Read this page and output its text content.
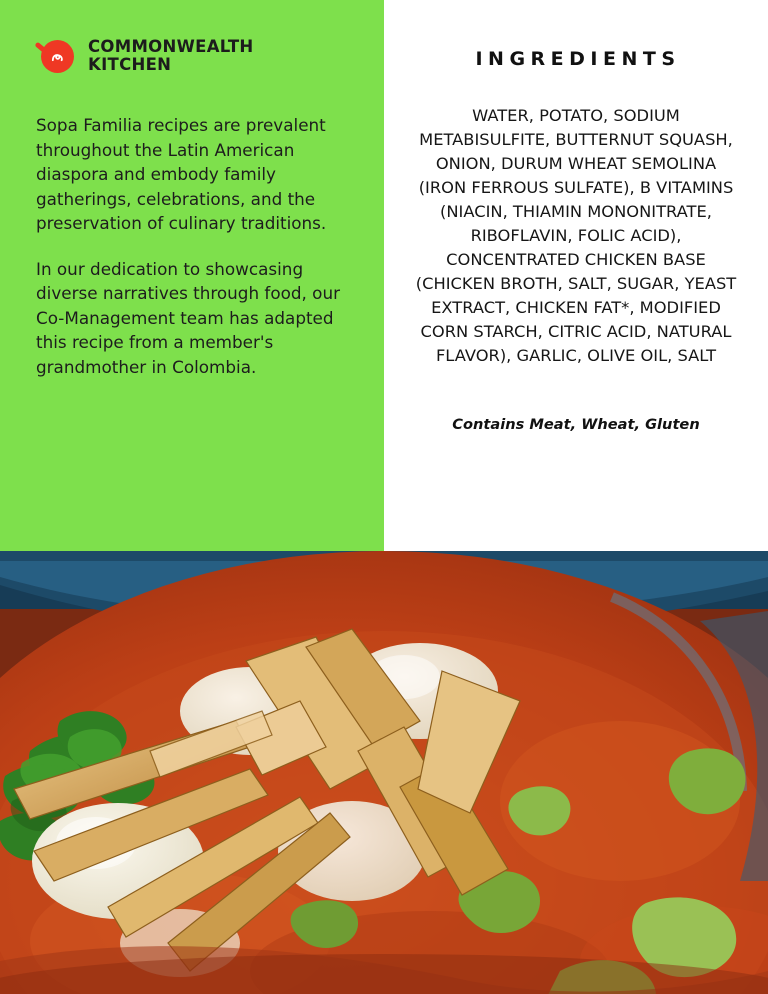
COMMONWEALTH
KITCHEN

Sopa Familia recipes are prevalent throughout the Latin American diaspora and embody family gatherings, celebrations, and the preservation of culinary traditions.

In our dedication to showcasing diverse narratives through food, our Co-Management team has adapted this recipe from a member's grandmother in Colombia.

INGREDIENTS
WATER, POTATO, SODIUM METABISULFITE, BUTTERNUT SQUASH, ONION, DURUM WHEAT SEMOLINA (IRON FERROUS SULFATE), B VITAMINS (NIACIN, THIAMIN MONONITRATE, RIBOFLAVIN, FOLIC ACID), CONCENTRATED CHICKEN BASE (CHICKEN BROTH, SALT, SUGAR, YEAST EXTRACT, CHICKEN FAT*, MODIFIED CORN STARCH, CITRIC ACID, NATURAL FLAVOR), GARLIC, OLIVE OIL, SALT
Contains Meat, Wheat, Gluten
